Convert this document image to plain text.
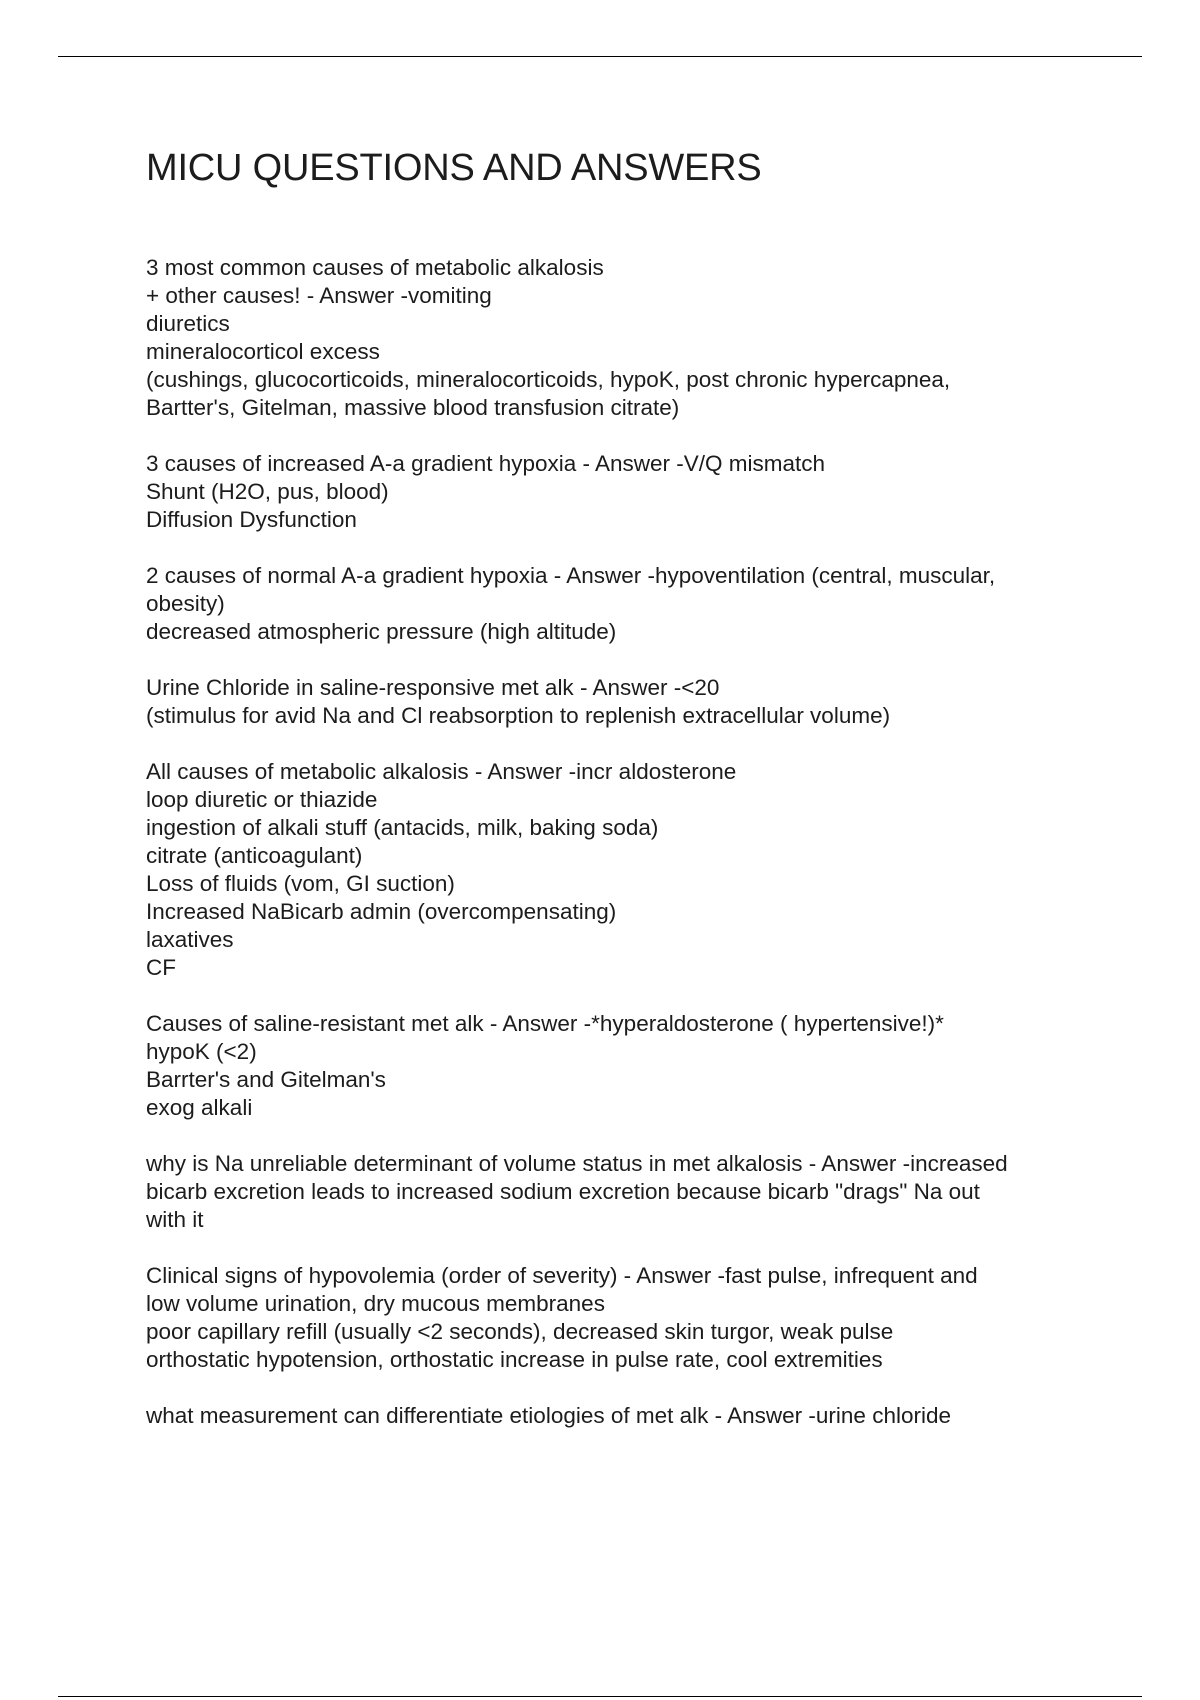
MICU QUESTIONS AND ANSWERS
3 most common causes of metabolic alkalosis
+ other causes! - Answer -vomiting
diuretics
mineralocorticol excess
(cushings, glucocorticoids, mineralocorticoids, hypoK, post chronic hypercapnea,
Bartter's, Gitelman, massive blood transfusion citrate)
3 causes of increased A-a gradient hypoxia - Answer -V/Q mismatch
Shunt (H2O, pus, blood)
Diffusion Dysfunction
2 causes of normal A-a gradient hypoxia - Answer -hypoventilation (central, muscular,
obesity)
decreased atmospheric pressure (high altitude)
Urine Chloride in saline-responsive met alk - Answer -<20
(stimulus for avid Na and Cl reabsorption to replenish extracellular volume)
All causes of metabolic alkalosis - Answer -incr aldosterone
loop diuretic or thiazide
ingestion of alkali stuff (antacids, milk, baking soda)
citrate (anticoagulant)
Loss of fluids (vom, GI suction)
Increased NaBicarb admin (overcompensating)
laxatives
CF
Causes of saline-resistant met alk - Answer -*hyperaldosterone ( hypertensive!)*
hypoK (<2)
Barrter's and Gitelman's
exog alkali
why is Na unreliable determinant of volume status in met alkalosis - Answer -increased
bicarb excretion leads to increased sodium excretion because bicarb "drags" Na out
with it
Clinical signs of hypovolemia (order of severity) - Answer -fast pulse, infrequent and
low volume urination, dry mucous membranes
poor capillary refill (usually <2 seconds), decreased skin turgor, weak pulse
orthostatic hypotension, orthostatic increase in pulse rate, cool extremities
what measurement can differentiate etiologies of met alk - Answer -urine chloride
